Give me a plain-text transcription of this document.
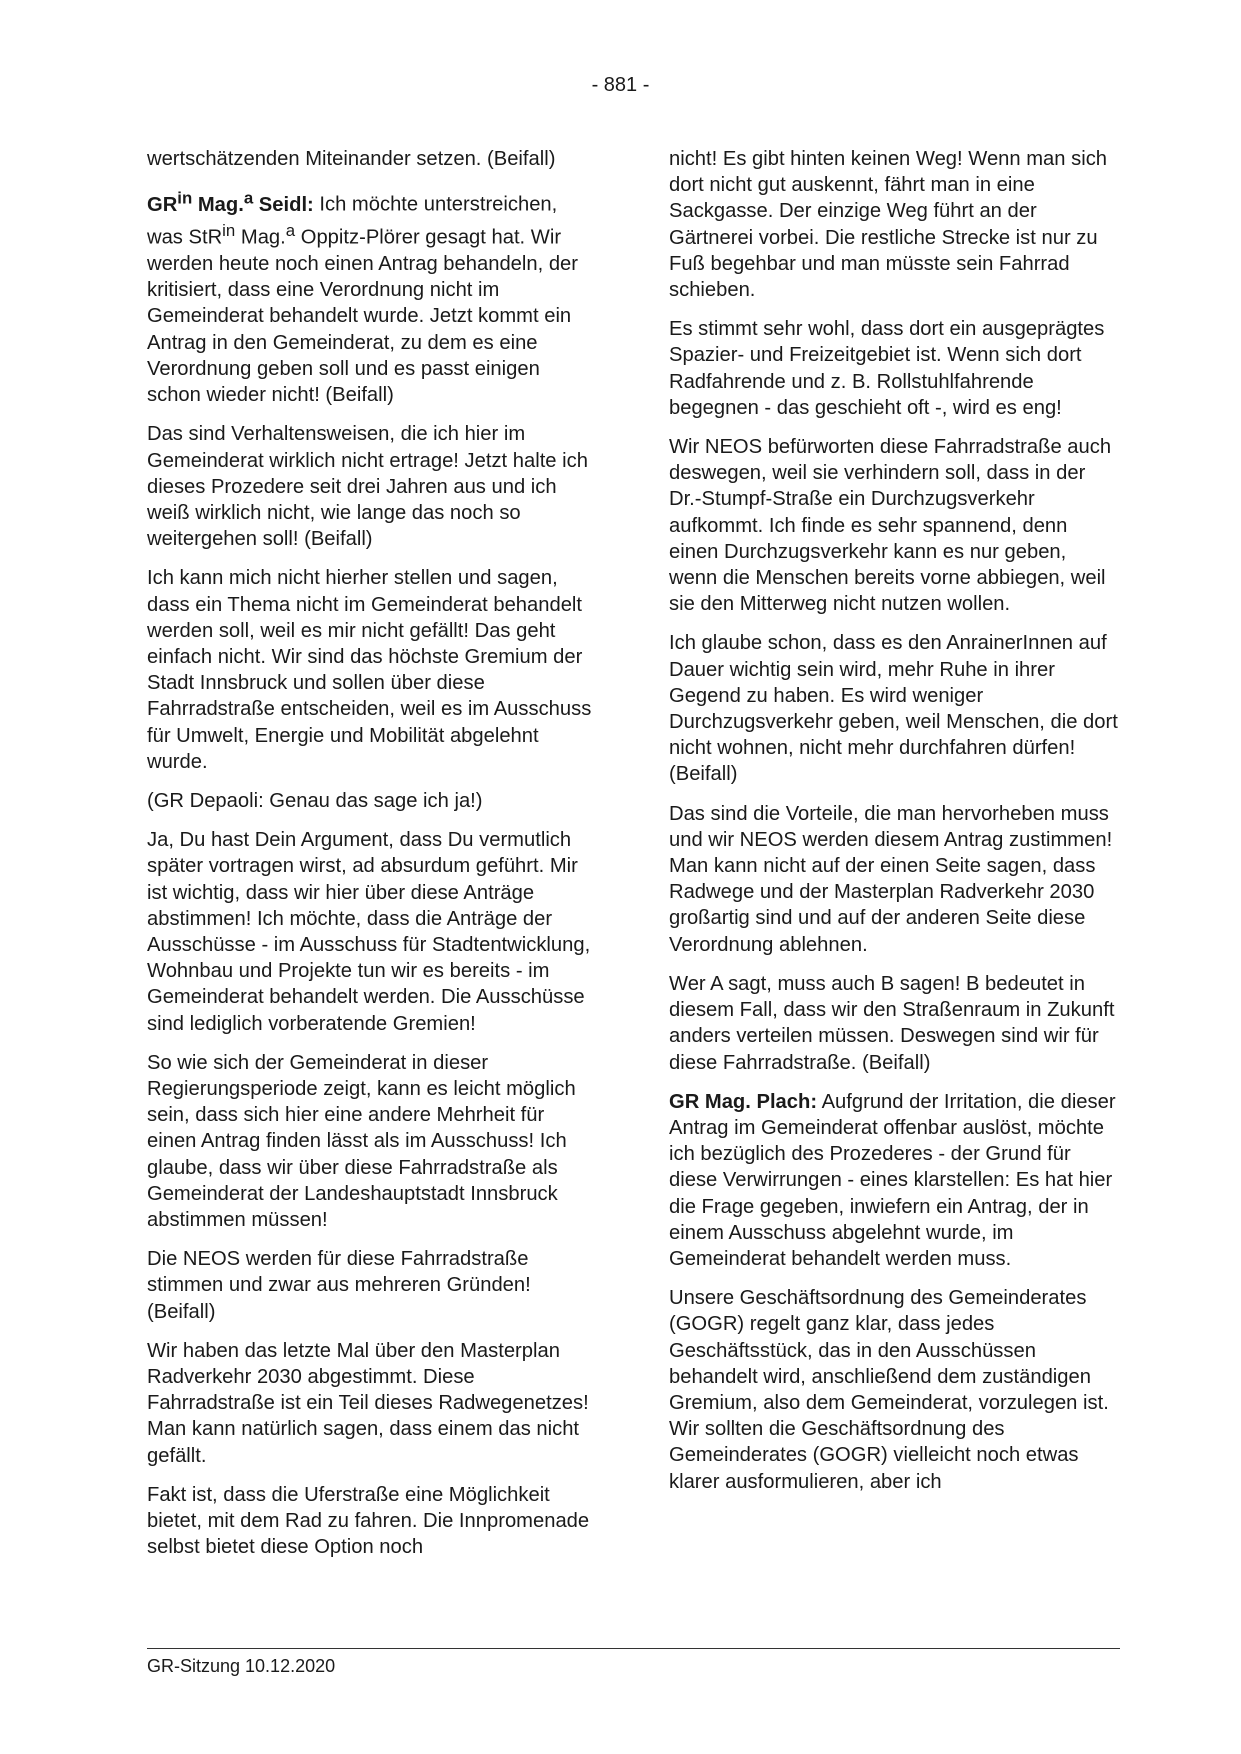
- 881 -

wertschätzenden Miteinander setzen. (Beifall)

$GR^{in}$ Mag.$^a$ Seidl: Ich möchte unterstreichen, was StR$^{in}$ Mag.$^a$ Oppitz-Plörer gesagt hat. Wir werden heute noch einen Antrag behandeln, der kritisiert, dass eine Verordnung nicht im Gemeinderat behandelt wurde. Jetzt kommt ein Antrag in den Gemeinderat, zu dem es eine Verordnung geben soll und es passt einigen schon wieder nicht! (Beifall)

Das sind Verhaltensweisen, die ich hier im Gemeinderat wirklich nicht ertrage! Jetzt halte ich dieses Prozedere seit drei Jahren aus und ich weiß wirklich nicht, wie lange das noch so weitergehen soll! (Beifall)

Ich kann mich nicht hierher stellen und sagen, dass ein Thema nicht im Gemeinderat behandelt werden soll, weil es mir nicht gefällt! Das geht einfach nicht. Wir sind das höchste Gremium der Stadt Innsbruck und sollen über diese Fahrradstraße entscheiden, weil es im Ausschuss für Umwelt, Energie und Mobilität abgelehnt wurde.

(GR Depaoli: Genau das sage ich ja!)

Ja, Du hast Dein Argument, dass Du vermutlich später vortragen wirst, ad absurdum geführt. Mir ist wichtig, dass wir hier über diese Anträge abstimmen! Ich möchte, dass die Anträge der Ausschüsse - im Ausschuss für Stadtentwicklung, Wohnbau und Projekte tun wir es bereits - im Gemeinderat behandelt werden. Die Ausschüsse sind lediglich vorberatende Gremien!

So wie sich der Gemeinderat in dieser Regierungsperiode zeigt, kann es leicht möglich sein, dass sich hier eine andere Mehrheit für einen Antrag finden lässt als im Ausschuss! Ich glaube, dass wir über diese Fahrradstraße als Gemeinderat der Landeshauptstadt Innsbruck abstimmen müssen!

Die NEOS werden für diese Fahrradstraße stimmen und zwar aus mehreren Gründen! (Beifall)

Wir haben das letzte Mal über den Masterplan Radverkehr 2030 abgestimmt. Diese Fahrradstraße ist ein Teil dieses Radwegenetzes! Man kann natürlich sagen, dass einem das nicht gefällt.

Fakt ist, dass die Uferstraße eine Möglichkeit bietet, mit dem Rad zu fahren. Die Innpromenade selbst bietet diese Option noch

nicht! Es gibt hinten keinen Weg! Wenn man sich dort nicht gut auskennt, fährt man in eine Sackgasse. Der einzige Weg führt an der Gärtnerei vorbei. Die restliche Strecke ist nur zu Fuß begehbar und man müsste sein Fahrrad schieben.

Es stimmt sehr wohl, dass dort ein ausgeprägtes Spazier- und Freizeitgebiet ist. Wenn sich dort Radfahrende und z. B. Rollstuhlfahrende begegnen - das geschieht oft -, wird es eng!

Wir NEOS befürworten diese Fahrradstraße auch deswegen, weil sie verhindern soll, dass in der Dr.-Stumpf-Straße ein Durchzugsverkehr aufkommt. Ich finde es sehr spannend, denn einen Durchzugsverkehr kann es nur geben, wenn die Menschen bereits vorne abbiegen, weil sie den Mitterweg nicht nutzen wollen.

Ich glaube schon, dass es den AnrainerInnen auf Dauer wichtig sein wird, mehr Ruhe in ihrer Gegend zu haben. Es wird weniger Durchzugsverkehr geben, weil Menschen, die dort nicht wohnen, nicht mehr durchfahren dürfen! (Beifall)

Das sind die Vorteile, die man hervorheben muss und wir NEOS werden diesem Antrag zustimmen! Man kann nicht auf der einen Seite sagen, dass Radwege und der Masterplan Radverkehr 2030 großartig sind und auf der anderen Seite diese Verordnung ablehnen.

Wer A sagt, muss auch B sagen! B bedeutet in diesem Fall, dass wir den Straßenraum in Zukunft anders verteilen müssen. Deswegen sind wir für diese Fahrradstraße. (Beifall)

GR Mag. Plach: Aufgrund der Irritation, die dieser Antrag im Gemeinderat offenbar auslöst, möchte ich bezüglich des Prozederes - der Grund für diese Verwirrungen - eines klarstellen: Es hat hier die Frage gegeben, inwiefern ein Antrag, der in einem Ausschuss abgelehnt wurde, im Gemeinderat behandelt werden muss.

Unsere Geschäftsordnung des Gemeinderates (GOGR) regelt ganz klar, dass jedes Geschäftsstück, das in den Ausschüssen behandelt wird, anschließend dem zuständigen Gremium, also dem Gemeinderat, vorzulegen ist. Wir sollten die Geschäftsordnung des Gemeinderates (GOGR) vielleicht noch etwas klarer ausformulieren, aber ich

GR-Sitzung 10.12.2020
